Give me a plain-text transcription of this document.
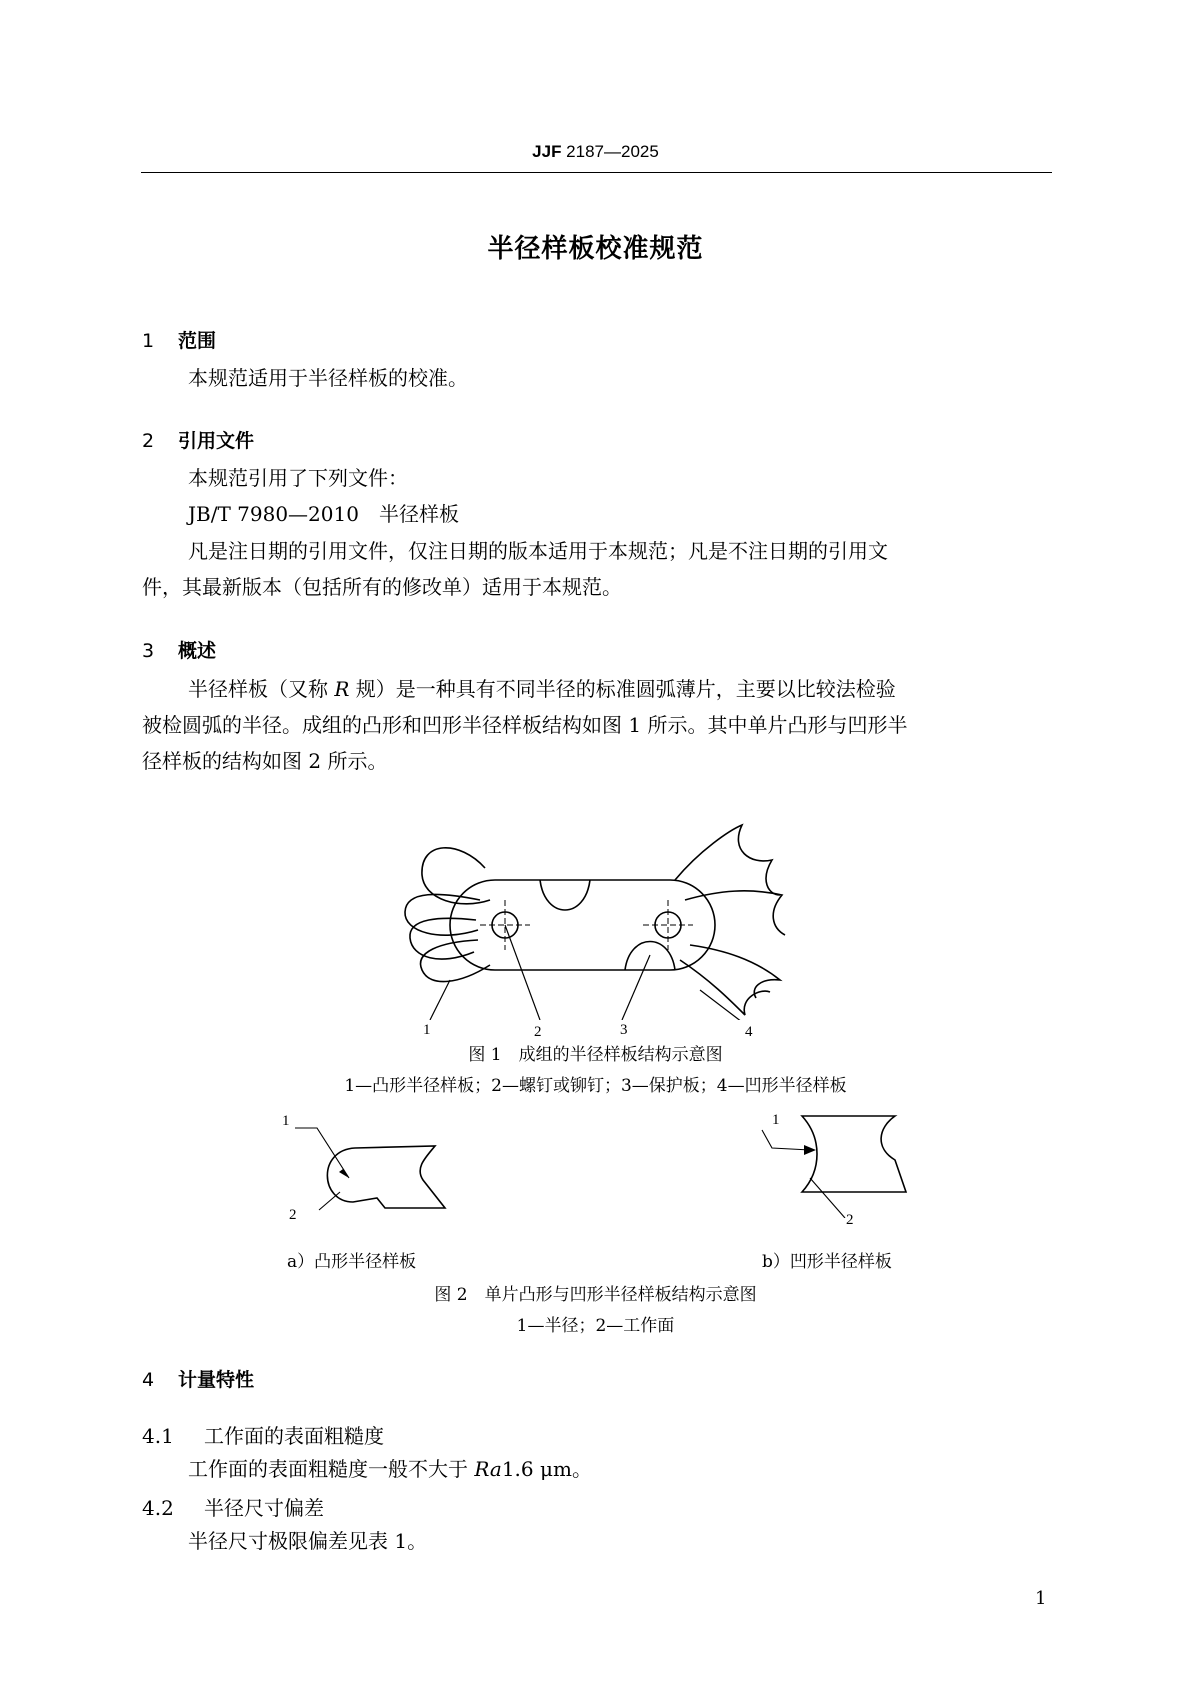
JJF 2187—2025
半径样板校准规范
1 范围
本规范适用于半径样板的校准。
2 引用文件
本规范引用了下列文件：
JB/T 7980—2010　半径样板
凡是注日期的引用文件，仅注日期的版本适用于本规范；凡是不注日期的引用文
件，其最新版本（包括所有的修改单）适用于本规范。
3 概述
半径样板（又称 R 规）是一种具有不同半径的标准圆弧薄片，主要以比较法检验
被检圆弧的半径。成组的凸形和凹形半径样板结构如图 1 所示。其中单片凸形与凹形半
径样板的结构如图 2 所示。
1	2	3	4
图 1　成组的半径样板结构示意图
1—凸形半径样板；2—螺钉或铆钉；3—保护板；4—凹形半径样板
1
2
1
2
a）凸形半径样板	b）凹形半径样板
图 2　单片凸形与凹形半径样板结构示意图
1—半径；2—工作面
4 计量特性
4.1 工作面的表面粗糙度
工作面的表面粗糙度一般不大于 Ra1.6 μm。
4.2 半径尺寸偏差
半径尺寸极限偏差见表 1。
1
